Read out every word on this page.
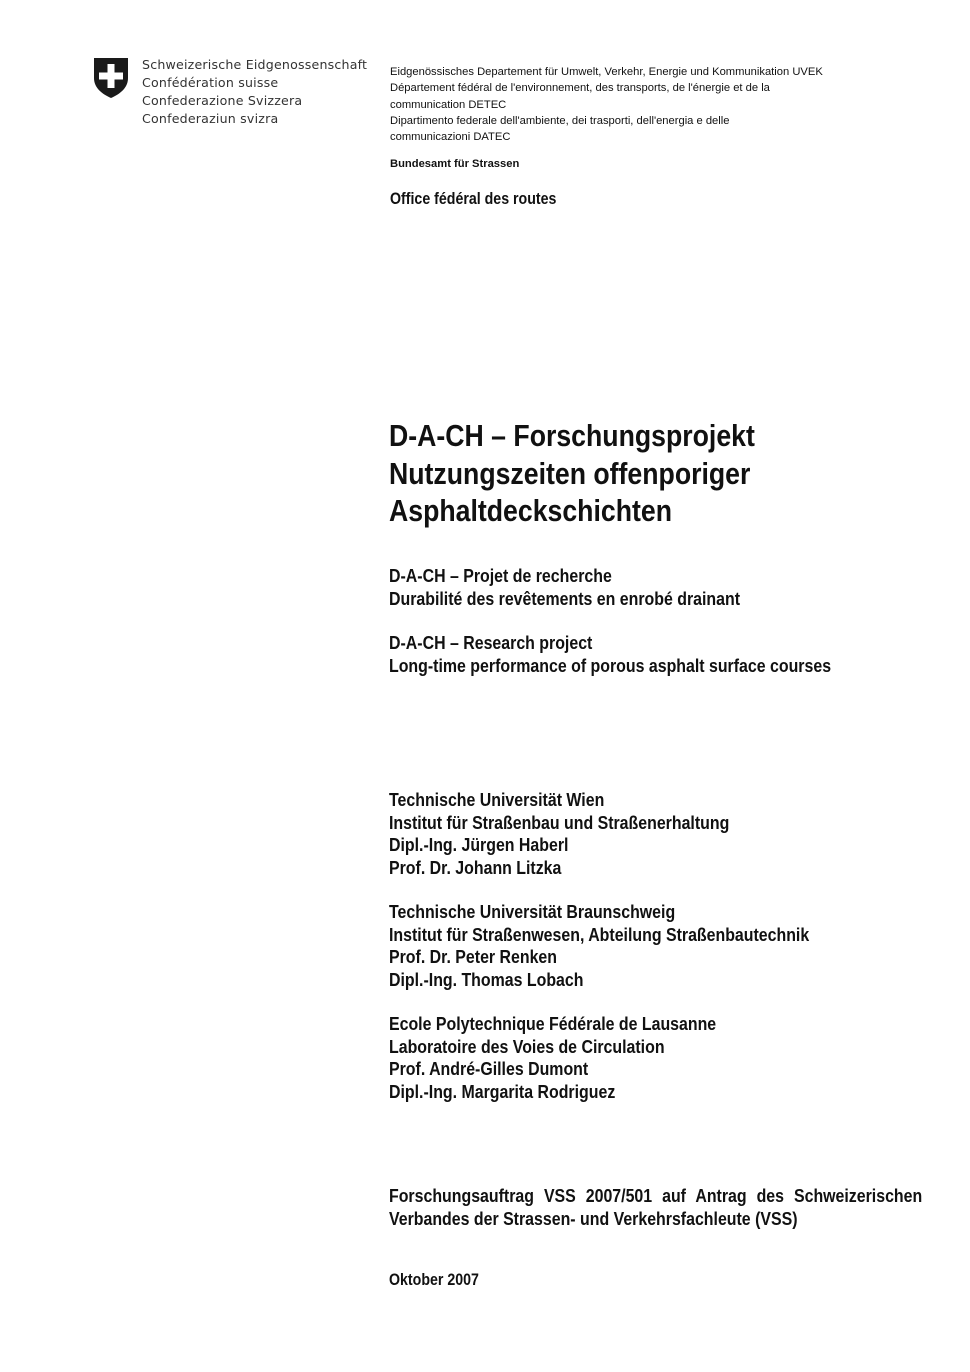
Schweizerische Eidgenossenschaft
Confédération suisse
Confederazione Svizzera
Confederaziun svizra
Eidgenössisches Departement für Umwelt, Verkehr, Energie und Kommunikation UVEK
Département fédéral de l'environnement, des transports, de l'énergie et de la
communication DETEC
Dipartimento federale dell'ambiente, dei trasporti, dell'energia e delle
communicazioni DATEC
Bundesamt für Strassen
Office fédéral des routes
D-A-CH – Forschungsprojekt
Nutzungszeiten offenporiger
Asphaltdeckschichten
D-A-CH – Projet de recherche
Durabilité des revêtements en enrobé drainant
D-A-CH – Research project
Long-time performance of porous asphalt surface courses
Technische Universität Wien
Institut für Straßenbau und Straßenerhaltung
Dipl.-Ing. Jürgen Haberl
Prof. Dr. Johann Litzka
Technische Universität Braunschweig
Institut für Straßenwesen, Abteilung Straßenbautechnik
Prof. Dr. Peter Renken
Dipl.-Ing. Thomas Lobach
Ecole Polytechnique Fédérale de Lausanne
Laboratoire des Voies de Circulation
Prof. André-Gilles Dumont
Dipl.-Ing. Margarita Rodriguez
Forschungsauftrag VSS 2007/501 auf Antrag des Schweizerischen
Verbandes der Strassen- und Verkehrsfachleute (VSS)
Oktober 2007
